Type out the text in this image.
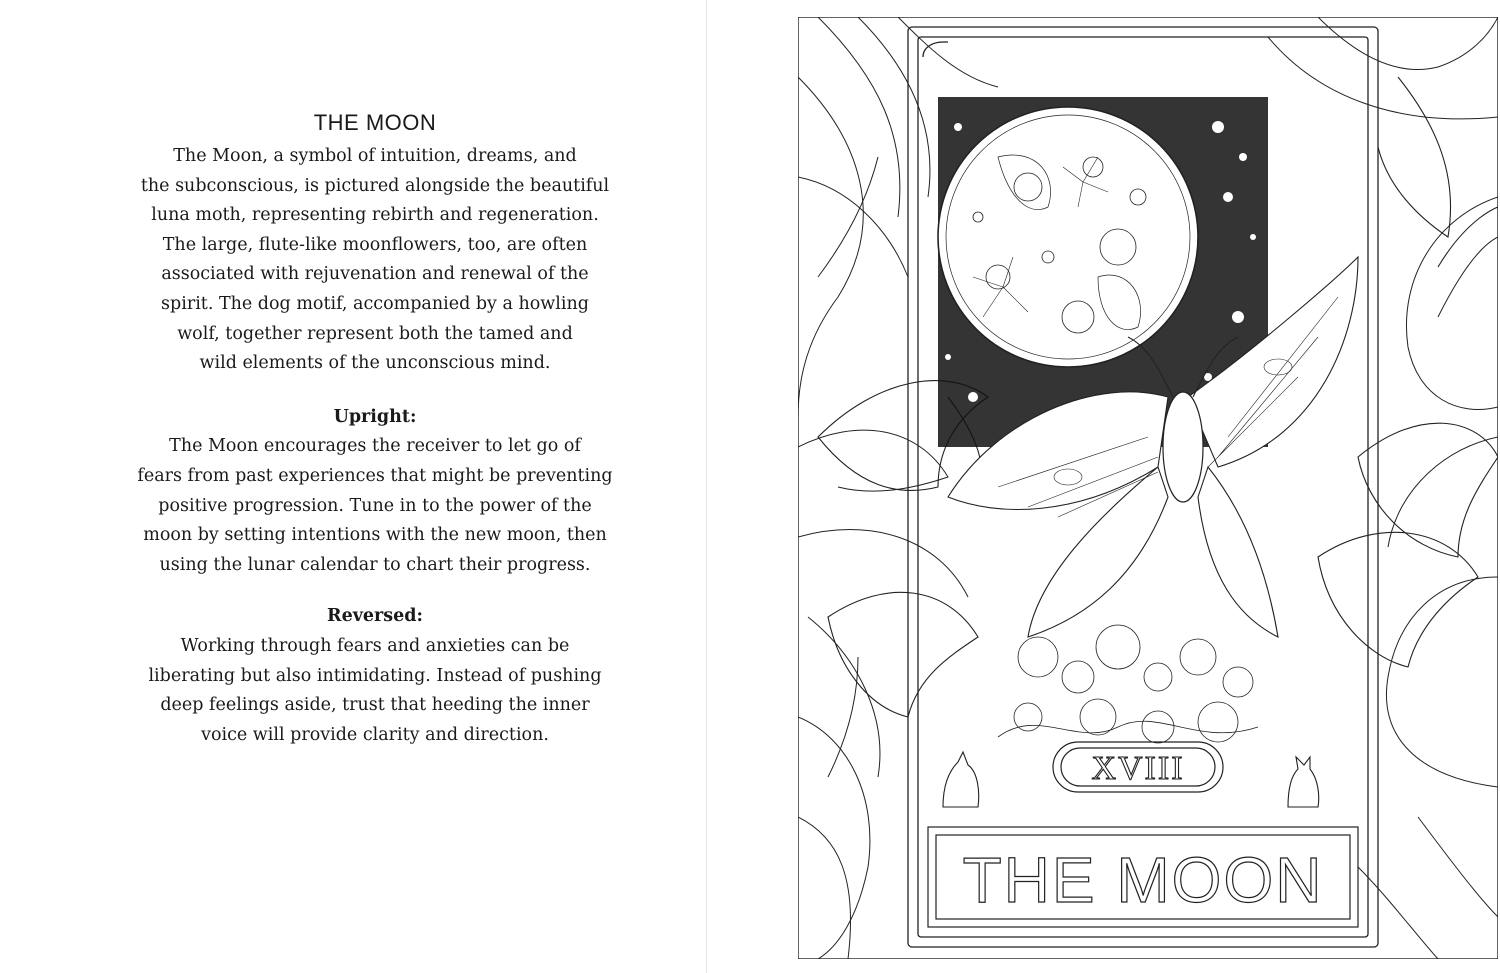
THE MOON

The Moon, a symbol of intuition, dreams, and
the subconscious, is pictured alongside the beautiful
luna moth, representing rebirth and regeneration.
The large, flute-like moonflowers, too, are often
associated with rejuvenation and renewal of the
spirit. The dog motif, accompanied by a howling
wolf, together represent both the tamed and
wild elements of the unconscious mind.

Upright:

The Moon encourages the receiver to let go of
fears from past experiences that might be preventing
positive progression. Tune in to the power of the
moon by setting intentions with the new moon, then
using the lunar calendar to chart their progress.

Reversed:

Working through fears and anxieties can be
liberating but also intimidating. Instead of pushing
deep feelings aside, trust that heeding the inner
voice will provide clarity and direction.

XVIII
THE MOON
